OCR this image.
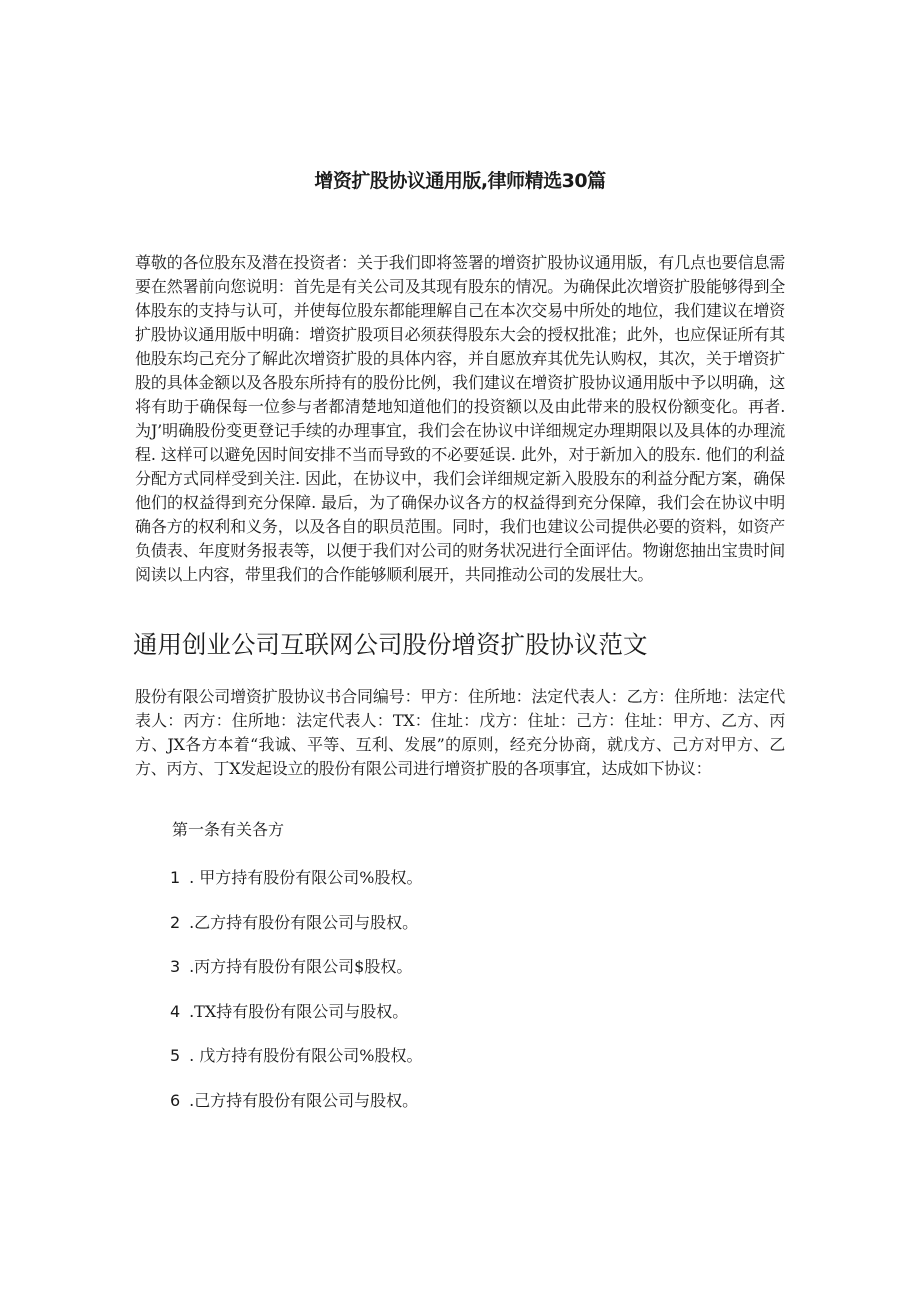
增资扩股协议通用版,律师精选30篇

尊敬的各位股东及潜在投资者：关于我们即将签署的增资扩股协议通用版，有几点也要信息需要在然署前向您说明：首先是有关公司及其现有股东的情况。为确保此次增资扩股能够得到全体股东的支持与认可，并使每位股东都能理解自己在本次交易中所处的地位，我们建议在增资扩股协议通用版中明确：增资扩股项目必须获得股东大会的授权批准；此外，也应保证所有其他股东均己充分了解此次增资扩股的具体内容，并自愿放弃其优先认购权，其次，关于增资扩股的具体金额以及各股东所持有的股份比例，我们建议在增资扩股协议通用版中予以明确，这将有助于确保每一位参与者都清楚地知道他们的投资额以及由此带来的股权份额变化。再者. 为J’明确股份变更登记手续的办理事宜，我们会在协议中详细规定办理期限以及具体的办理流程. 这样可以避免因时间安排不当而导致的不必要延误. 此外，对于新加入的股东. 他们的利益分配方式同样受到关注. 因此，在协议中，我们会详细规定新入股股东的利益分配方案，确保他们的权益得到充分保障. 最后，为了确保办议各方的权益得到充分保障，我们会在协议中明确各方的权利和义务，以及各自的职员范围。同时，我们也建议公司提供必要的资料，如资产负债表、年度财务报表等，以便于我们对公司的财务状况进行全面评估。物谢您抽出宝贵时间阅读以上内容，带里我们的合作能够顺利展开，共同推动公司的发展壮大。

通用创业公司互联网公司股份增资扩股协议范文

股份有限公司增资扩股协议书合同编号：甲方：住所地：法定代表人：乙方：住所地：法定代表人：丙方：住所地：法定代表人：TX：住址：戊方：住址：己方：住址：甲方、乙方、丙方、JX各方本着“我诚、平等、互利、发展”的原则，经充分协商，就戊方、己方对甲方、乙方、丙方、丁X发起设立的股份有限公司进行增资扩股的各项事宜，达成如下协议：

第一条有关各方

1 . 甲方持有股份有限公司%股权。
2 .乙方持有股份有限公司与股权。
3 .丙方持有股份有限公司$股权。
4 .TX持有股份有限公司与股权。
5 . 戊方持有股份有限公司%股权。
6 .己方持有股份有限公司与股权。
